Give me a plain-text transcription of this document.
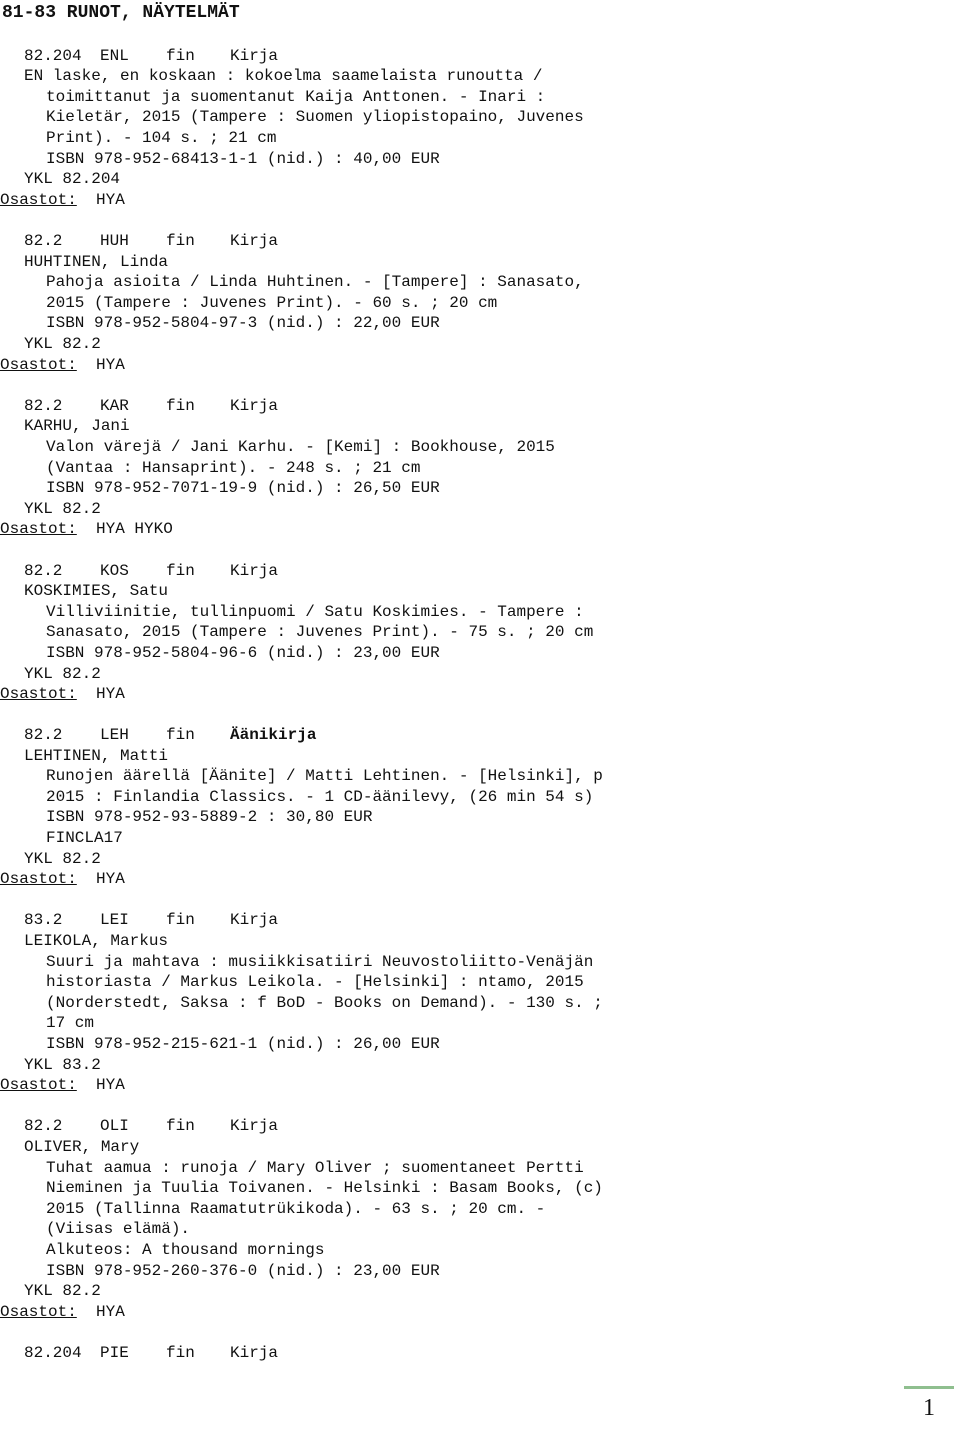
81-83 RUNOT, NÄYTELMÄT
82.204 ENL fin Kirja
EN laske, en koskaan : kokoelma saamelaista runoutta /
toimittanut ja suomentanut Kaija Anttonen. - Inari :
Kieletär, 2015 (Tampere : Suomen yliopistopaino, Juvenes
Print). - 104 s. ; 21 cm
ISBN 978-952-68413-1-1 (nid.) : 40,00 EUR
YKL 82.204
Osastot: HYA
82.2 HUH fin Kirja
HUHTINEN, Linda
Pahoja asioita / Linda Huhtinen. - [Tampere] : Sanasato,
2015 (Tampere : Juvenes Print). - 60 s. ; 20 cm
ISBN 978-952-5804-97-3 (nid.) : 22,00 EUR
YKL 82.2
Osastot: HYA
82.2 KAR fin Kirja
KARHU, Jani
Valon värejä / Jani Karhu. - [Kemi] : Bookhouse, 2015
(Vantaa : Hansaprint). - 248 s. ; 21 cm
ISBN 978-952-7071-19-9 (nid.) : 26,50 EUR
YKL 82.2
Osastot: HYA HYKO
82.2 KOS fin Kirja
KOSKIMIES, Satu
Villiviinitie, tullinpuomi / Satu Koskimies. - Tampere :
Sanasato, 2015 (Tampere : Juvenes Print). - 75 s. ; 20 cm
ISBN 978-952-5804-96-6 (nid.) : 23,00 EUR
YKL 82.2
Osastot: HYA
82.2 LEH fin Äänikirja
LEHTINEN, Matti
Runojen äärellä [Äänite] / Matti Lehtinen. - [Helsinki], p
2015 : Finlandia Classics. - 1 CD-äänilevy, (26 min 54 s)
ISBN 978-952-93-5889-2 : 30,80 EUR
FINCLA17
YKL 82.2
Osastot: HYA
83.2 LEI fin Kirja
LEIKOLA, Markus
Suuri ja mahtava : musiikkisatiiri Neuvostoliitto-Venäjän
historiasta / Markus Leikola. - [Helsinki] : ntamo, 2015
(Norderstedt, Saksa : f BoD - Books on Demand). - 130 s. ;
17 cm
ISBN 978-952-215-621-1 (nid.) : 26,00 EUR
YKL 83.2
Osastot: HYA
82.2 OLI fin Kirja
OLIVER, Mary
Tuhat aamua : runoja / Mary Oliver ; suomentaneet Pertti
Nieminen ja Tuulia Toivanen. - Helsinki : Basam Books, (c)
2015 (Tallinna Raamatutrükikoda). - 63 s. ; 20 cm. -
(Viisas elämä).
Alkuteos: A thousand mornings
ISBN 978-952-260-376-0 (nid.) : 23,00 EUR
YKL 82.2
Osastot: HYA
82.204 PIE fin Kirja
1
